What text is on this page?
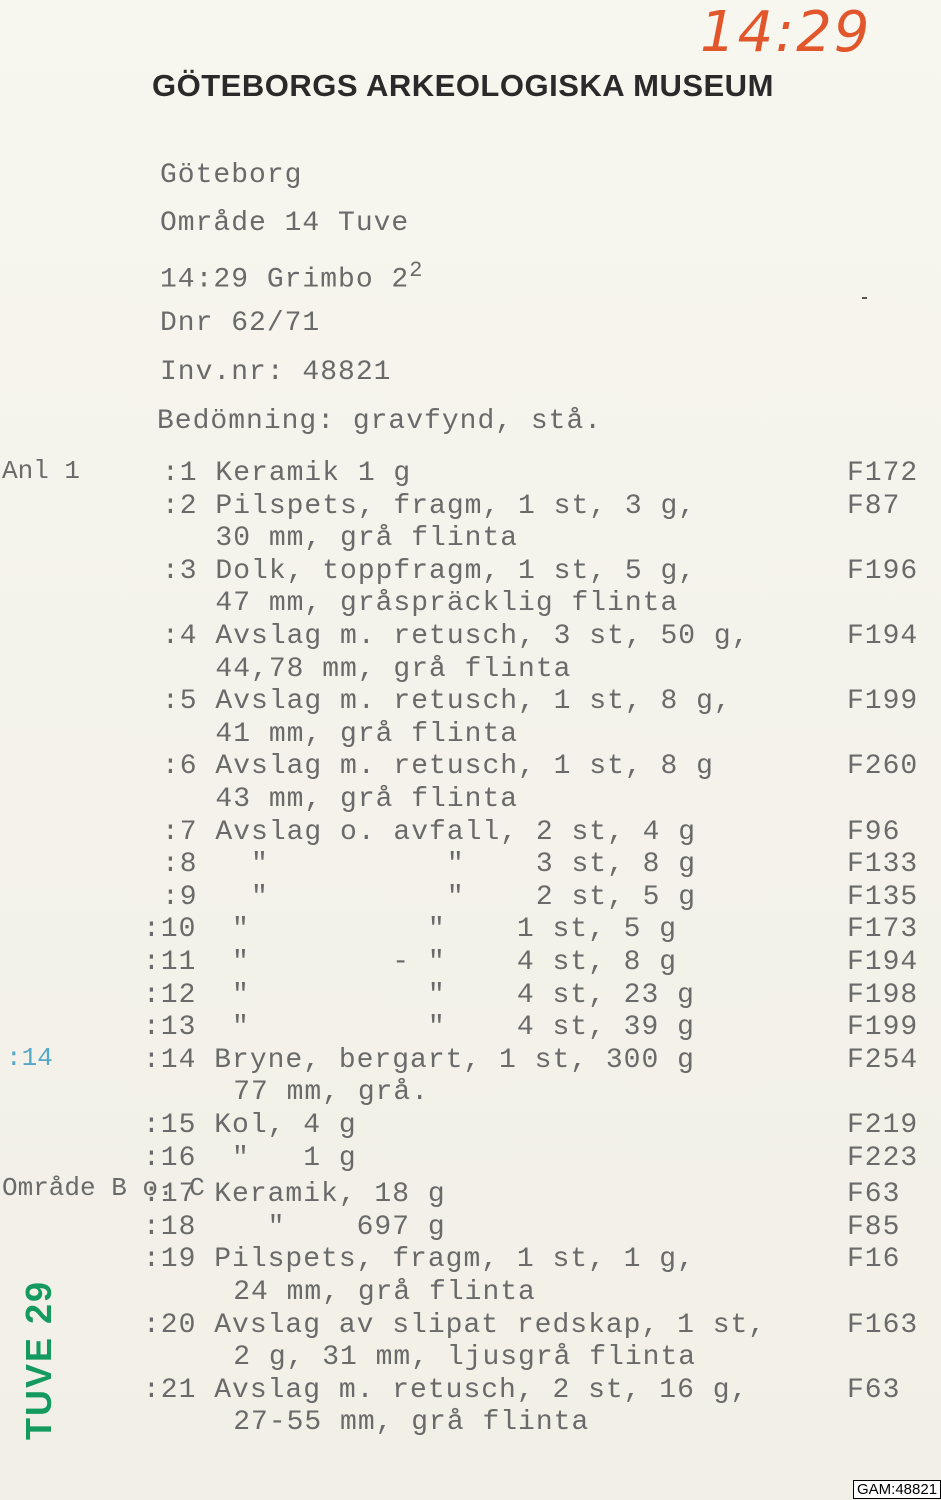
14:29
GÖTEBORGS ARKEOLOGISKA MUSEUM
Göteborg
Område 14 Tuve
14:29 Grimbo $2^2$
Dnr 62/71
Inv.nr: 48821
Bedömning: gravfynd, stå.
Anl 1
:14
Område B o. C
:1 Keramik 1 g	F172
:2 Pilspets, fragm, 1 st, 3 g,	F87
30 mm, grå flinta
:3 Dolk, toppfragm, 1 st, 5 g,	F196
47 mm, gråspräcklig flinta
:4 Avslag m. retusch, 3 st, 50 g,	F194
44,78 mm, grå flinta
:5 Avslag m. retusch, 1 st, 8 g,	F199
41 mm, grå flinta
:6 Avslag m. retusch, 1 st, 8 g	F260
43 mm, grå flinta
:7 Avslag o. avfall, 2 st, 4 g	F96
:8   "          "    3 st, 8 g	F133
:9   "          "    2 st, 5 g	F135
:10  "          "    1 st, 5 g	F173
:11  "        - "    4 st, 8 g	F194
:12  "          "    4 st, 23 g	F198
:13  "          "    4 st, 39 g	F199
:14 Bryne, bergart, 1 st, 300 g	F254
77 mm, grå.
:15 Kol, 4 g	F219
:16  "   1 g	F223
:17 Keramik, 18 g	F63
:18    "    697 g	F85
:19 Pilspets, fragm, 1 st, 1 g,	F16
24 mm, grå flinta
:20 Avslag av slipat redskap, 1 st,	F163
2 g, 31 mm, ljusgrå flinta
:21 Avslag m. retusch, 2 st, 16 g,	F63
27-55 mm, grå flinta
TUVE 29
GAM:48821
